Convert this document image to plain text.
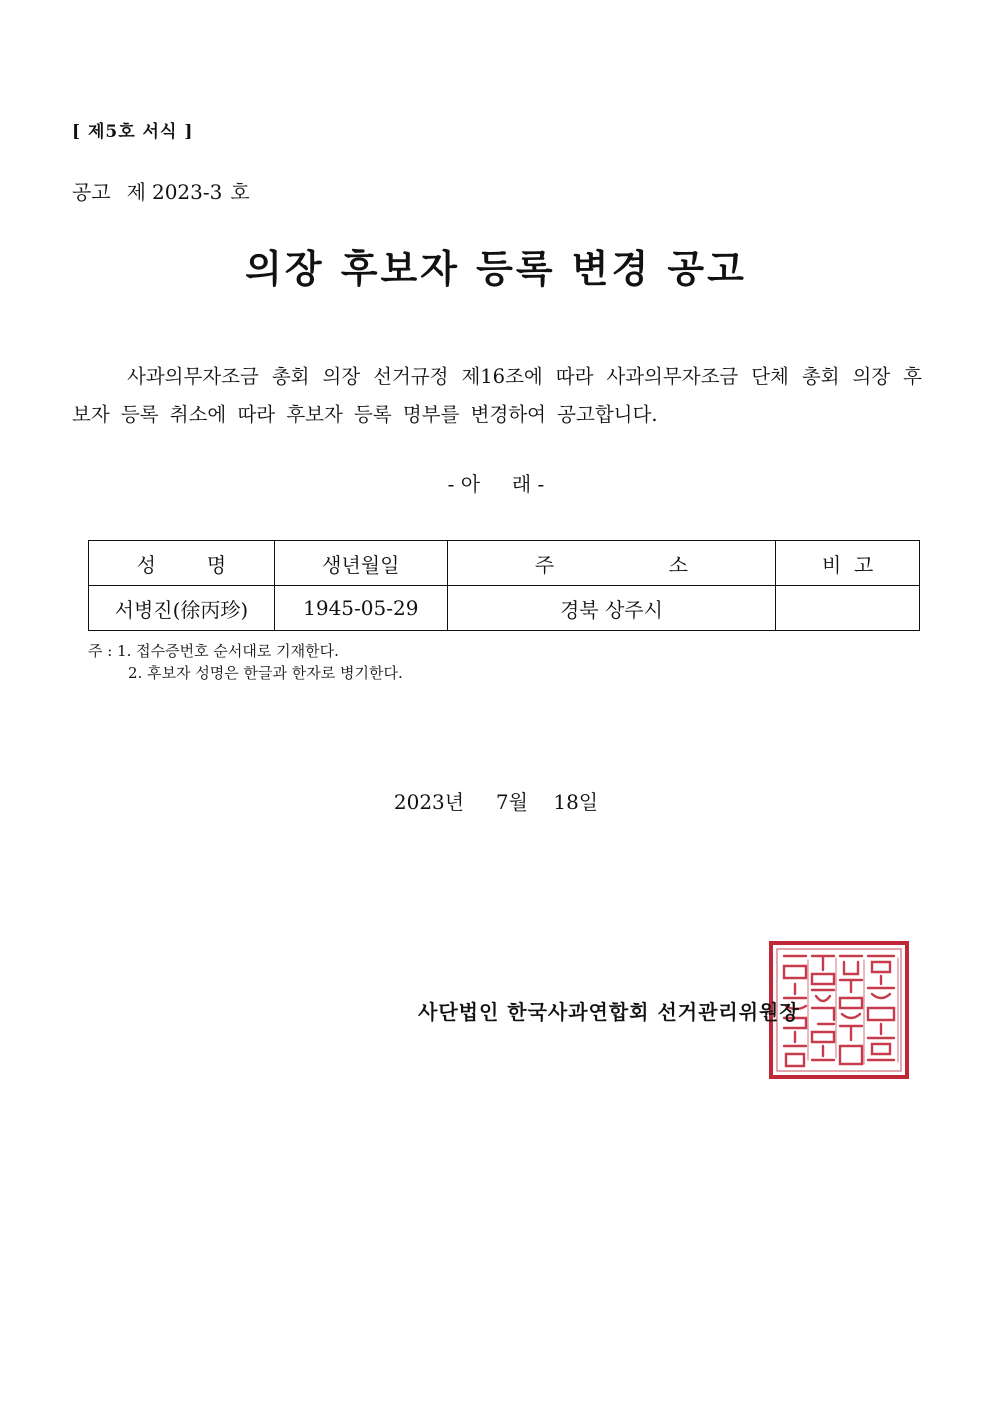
[ 제5호 서식 ]
공고 제 2023-3 호
의장 후보자 등록 변경 공고
사과의무자조금 총회 의장 선거규정 제16조에 따라 사과의무자조금 단체 총회 의장 후보자 등록 취소에 따라 후보자 등록 명부를 변경하여 공고합니다.
- 아     래 -
성        명	생년월일	주                  소	비  고
서병진(徐丙珍)	1945-05-29	경북 상주시	
주 : 1. 접수증번호 순서대로 기재한다.
2. 후보자 성명은 한글과 한자로 병기한다.
2023년     7월    18일
사단법인 한국사과연합회 선거관리위원장
